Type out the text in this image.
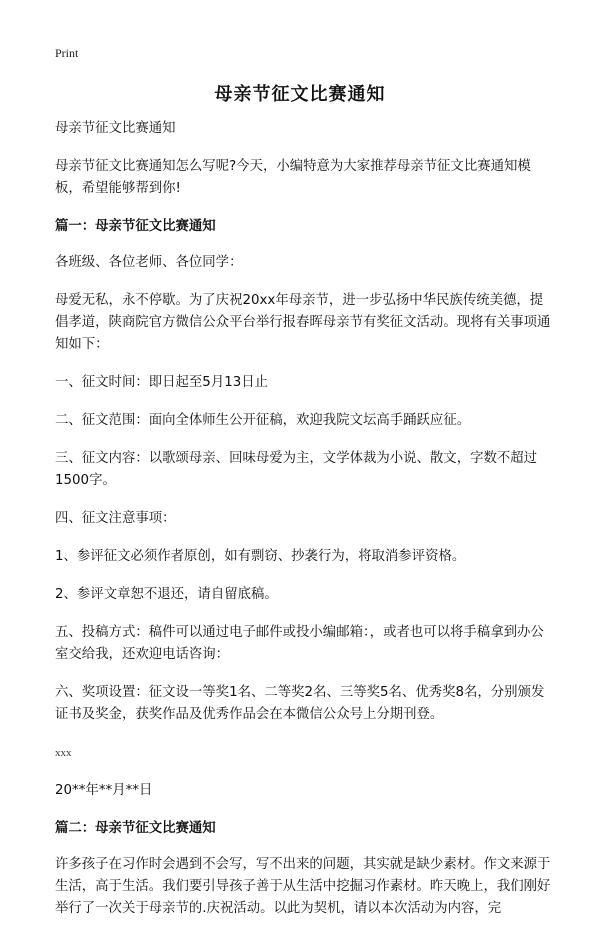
Print
母亲节征文比赛通知

母亲节征文比赛通知

母亲节征文比赛通知怎么写呢?今天，小编特意为大家推荐母亲节征文比赛通知模板，希望能够帮到你!

篇一：母亲节征文比赛通知

各班级、各位老师、各位同学：

母爱无私，永不停歇。为了庆祝20xx年母亲节，进一步弘扬中华民族传统美德，提倡孝道，陕商院官方微信公众平台举行报春晖母亲节有奖征文活动。现将有关事项通知如下：

一、征文时间：即日起至5月13日止

二、征文范围：面向全体师生公开征稿，欢迎我院文坛高手踊跃应征。

三、征文内容：以歌颂母亲、回味母爱为主，文学体裁为小说、散文，字数不超过1500字。

四、征文注意事项：

1、参评征文必须作者原创，如有剽窃、抄袭行为，将取消参评资格。

2、参评文章恕不退还，请自留底稿。

五、投稿方式：稿件可以通过电子邮件或投小编邮箱：，或者也可以将手稿拿到办公室交给我，还欢迎电话咨询：

六、奖项设置：征文设一等奖1名、二等奖2名、三等奖5名、优秀奖8名，分别颁发证书及奖金，获奖作品及优秀作品会在本微信公众号上分期刊登。

xxx

20**年**月**日

篇二：母亲节征文比赛通知

许多孩子在习作时会遇到不会写，写不出来的问题，其实就是缺少素材。作文来源于生活，高于生活。我们要引导孩子善于从生活中挖掘习作素材。昨天晚上，我们刚好举行了一次关于母亲节的.庆祝活动。以此为契机，请以本次活动为内容，完
